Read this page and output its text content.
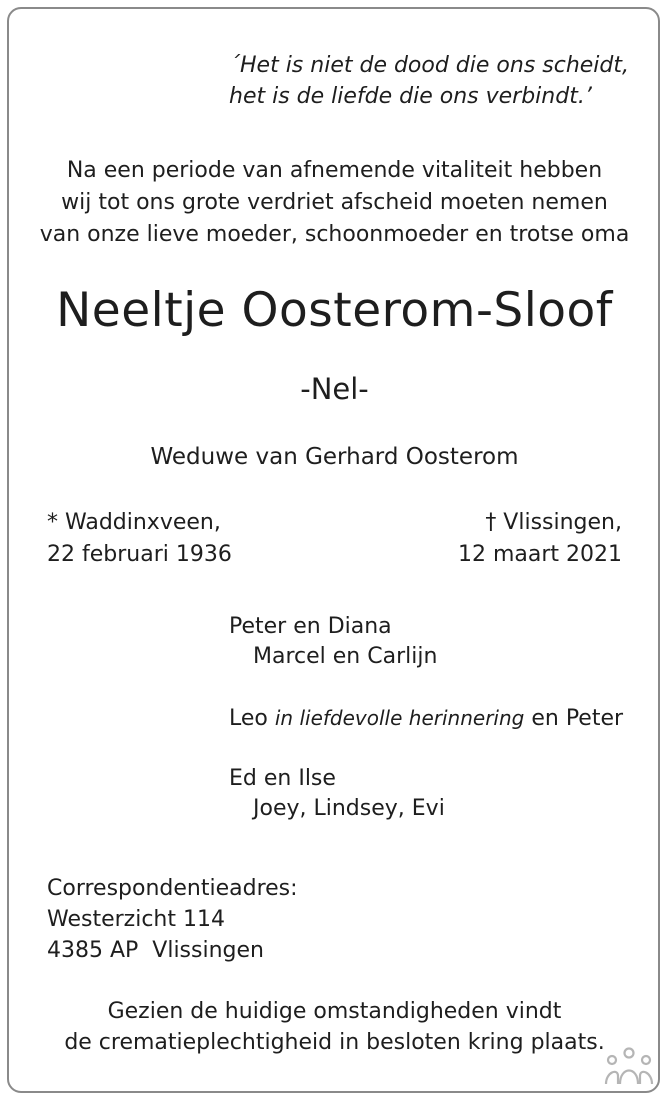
´Het is niet de dood die ons scheidt,
het is de liefde die ons verbindt.’
Na een periode van afnemende vitaliteit hebben
wij tot ons grote verdriet afscheid moeten nemen
van onze lieve moeder, schoonmoeder en trotse oma
Neeltje Oosterom-Sloof
-Nel-
Weduwe van Gerhard Oosterom
* Waddinxveen,
22 februari 1936
† Vlissingen,
12 maart 2021
Peter en Diana
Marcel en Carlijn
Leo in liefdevolle herinnering en Peter
Ed en Ilse
Joey, Lindsey, Evi
Correspondentieadres:
Westerzicht 114
4385 AP  Vlissingen
Gezien de huidige omstandigheden vindt
de crematieplechtigheid in besloten kring plaats.
